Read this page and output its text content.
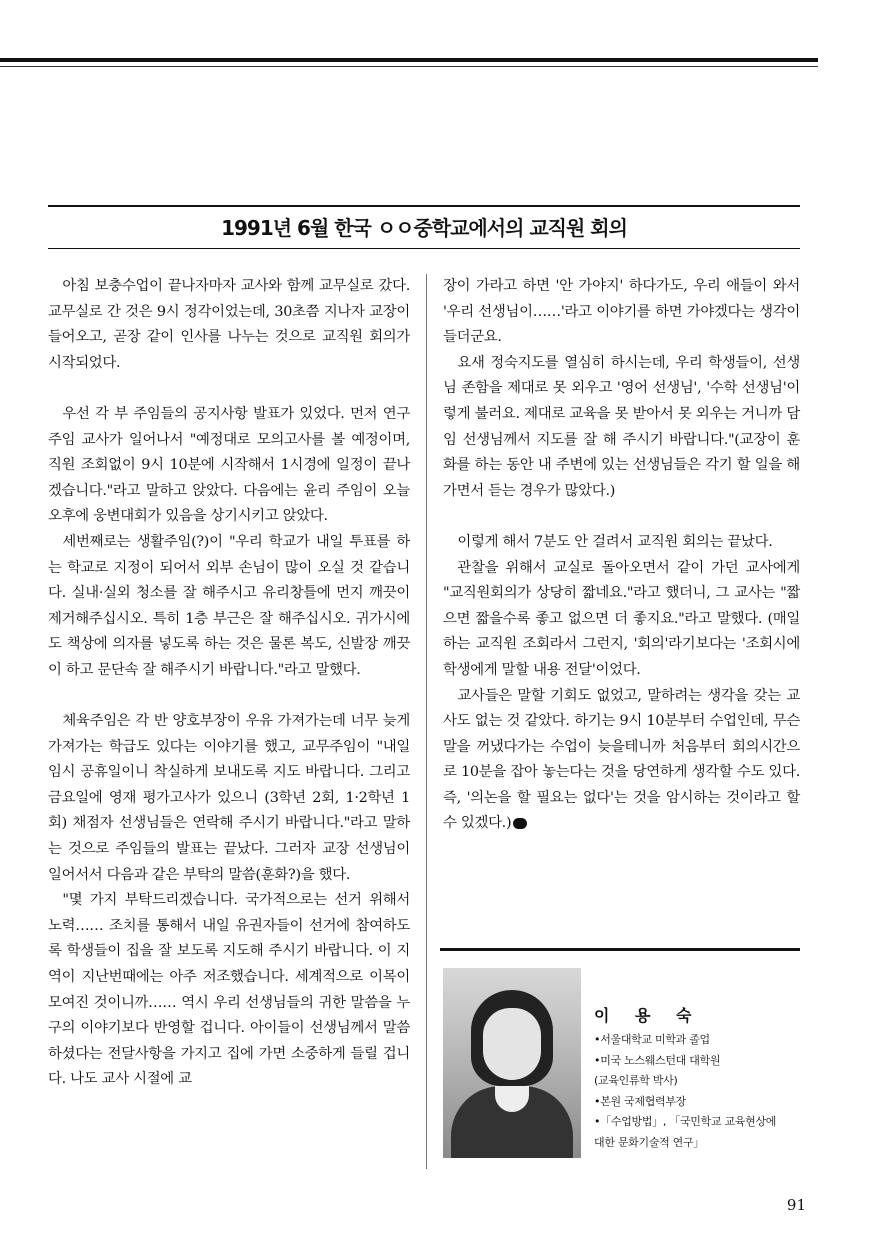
1991년 6월 한국 ㅇㅇ중학교에서의 교직원 회의

아침 보충수업이 끝나자마자 교사와 함께 교무실로 갔다. 교무실로 간 것은 9시 정각이었는데, 30초쯤 지나자 교장이 들어오고, 곧장 같이 인사를 나누는 것으로 교직원 회의가 시작되었다.

우선 각 부 주임들의 공지사항 발표가 있었다. 먼저 연구주임 교사가 일어나서 "예정대로 모의고사를 볼 예정이며, 직원 조회없이 9시 10분에 시작해서 1시경에 일정이 끝나겠습니다."라고 말하고 앉았다. 다음에는 윤리 주임이 오늘 오후에 웅변대회가 있음을 상기시키고 앉았다.

세번째로는 생활주임(?)이 "우리 학교가 내일 투표를 하는 학교로 지정이 되어서 외부 손님이 많이 오실 것 같습니다. 실내·실외 청소를 잘 해주시고 유리창틀에 먼지 깨끗이 제거해주십시오. 특히 1층 부근은 잘 해주십시오. 귀가시에도 책상에 의자를 넣도록 하는 것은 물론 복도, 신발장 깨끗이 하고 문단속 잘 해주시기 바랍니다."라고 말했다.

체육주임은 각 반 양호부장이 우유 가져가는데 너무 늦게 가져가는 학급도 있다는 이야기를 했고, 교무주임이 "내일 임시 공휴일이니 착실하게 보내도록 지도 바랍니다. 그리고 금요일에 영재 평가고사가 있으니 (3학년 2회, 1·2학년 1회) 채점자 선생님들은 연락해 주시기 바랍니다."라고 말하는 것으로 주임들의 발표는 끝났다. 그러자 교장 선생님이 일어서서 다음과 같은 부탁의 말씀(훈화?)을 했다.

"몇 가지 부탁드리겠습니다. 국가적으로는 선거 위해서 노력…… 조치를 통해서 내일 유권자들이 선거에 참여하도록 학생들이 집을 잘 보도록 지도해 주시기 바랍니다. 이 지역이 지난번때에는 아주 저조했습니다. 세계적으로 이목이 모여진 것이니까…… 역시 우리 선생님들의 귀한 말씀을 누구의 이야기보다 반영할 겁니다. 아이들이 선생님께서 말씀하셨다는 전달사항을 가지고 집에 가면 소중하게 들릴 겁니다. 나도 교사 시절에 교

장이 가라고 하면 '안 가야지' 하다가도, 우리 애들이 와서 '우리 선생님이……'라고 이야기를 하면 가야겠다는 생각이 들더군요.

요새 정숙지도를 열심히 하시는데, 우리 학생들이, 선생님 존함을 제대로 못 외우고 '영어 선생님', '수학 선생님'이렇게 불러요. 제대로 교육을 못 받아서 못 외우는 거니까 담임 선생님께서 지도를 잘 해 주시기 바랍니다."(교장이 훈화를 하는 동안 내 주변에 있는 선생님들은 각기 할 일을 해 가면서 듣는 경우가 많았다.)

이렇게 해서 7분도 안 걸려서 교직원 회의는 끝났다.

관찰을 위해서 교실로 돌아오면서 같이 가던 교사에게 "교직원회의가 상당히 짧네요."라고 했더니, 그 교사는 "짧으면 짧을수록 좋고 없으면 더 좋지요."라고 말했다. (매일 하는 교직원 조회라서 그런지, '회의'라기보다는 '조회시에 학생에게 말할 내용 전달'이었다.

교사들은 말할 기회도 없었고, 말하려는 생각을 갖는 교사도 없는 것 같았다. 하기는 9시 10분부터 수업인데, 무슨 말을 꺼냈다가는 수업이 늦을테니까 처음부터 회의시간으로 10분을 잡아 놓는다는 것을 당연하게 생각할 수도 있다. 즉, '의논을 할 필요는 없다'는 것을 암시하는 것이라고 할 수 있겠다.)

이 용 숙
•서울대학교 미학과 졸업
•미국 노스웨스턴대 대학원
(교육인류학 박사)
•본원 국제협력부장
•「수업방법」, 「국민학교 교육현상에
대한 문화기술적 연구」
91
